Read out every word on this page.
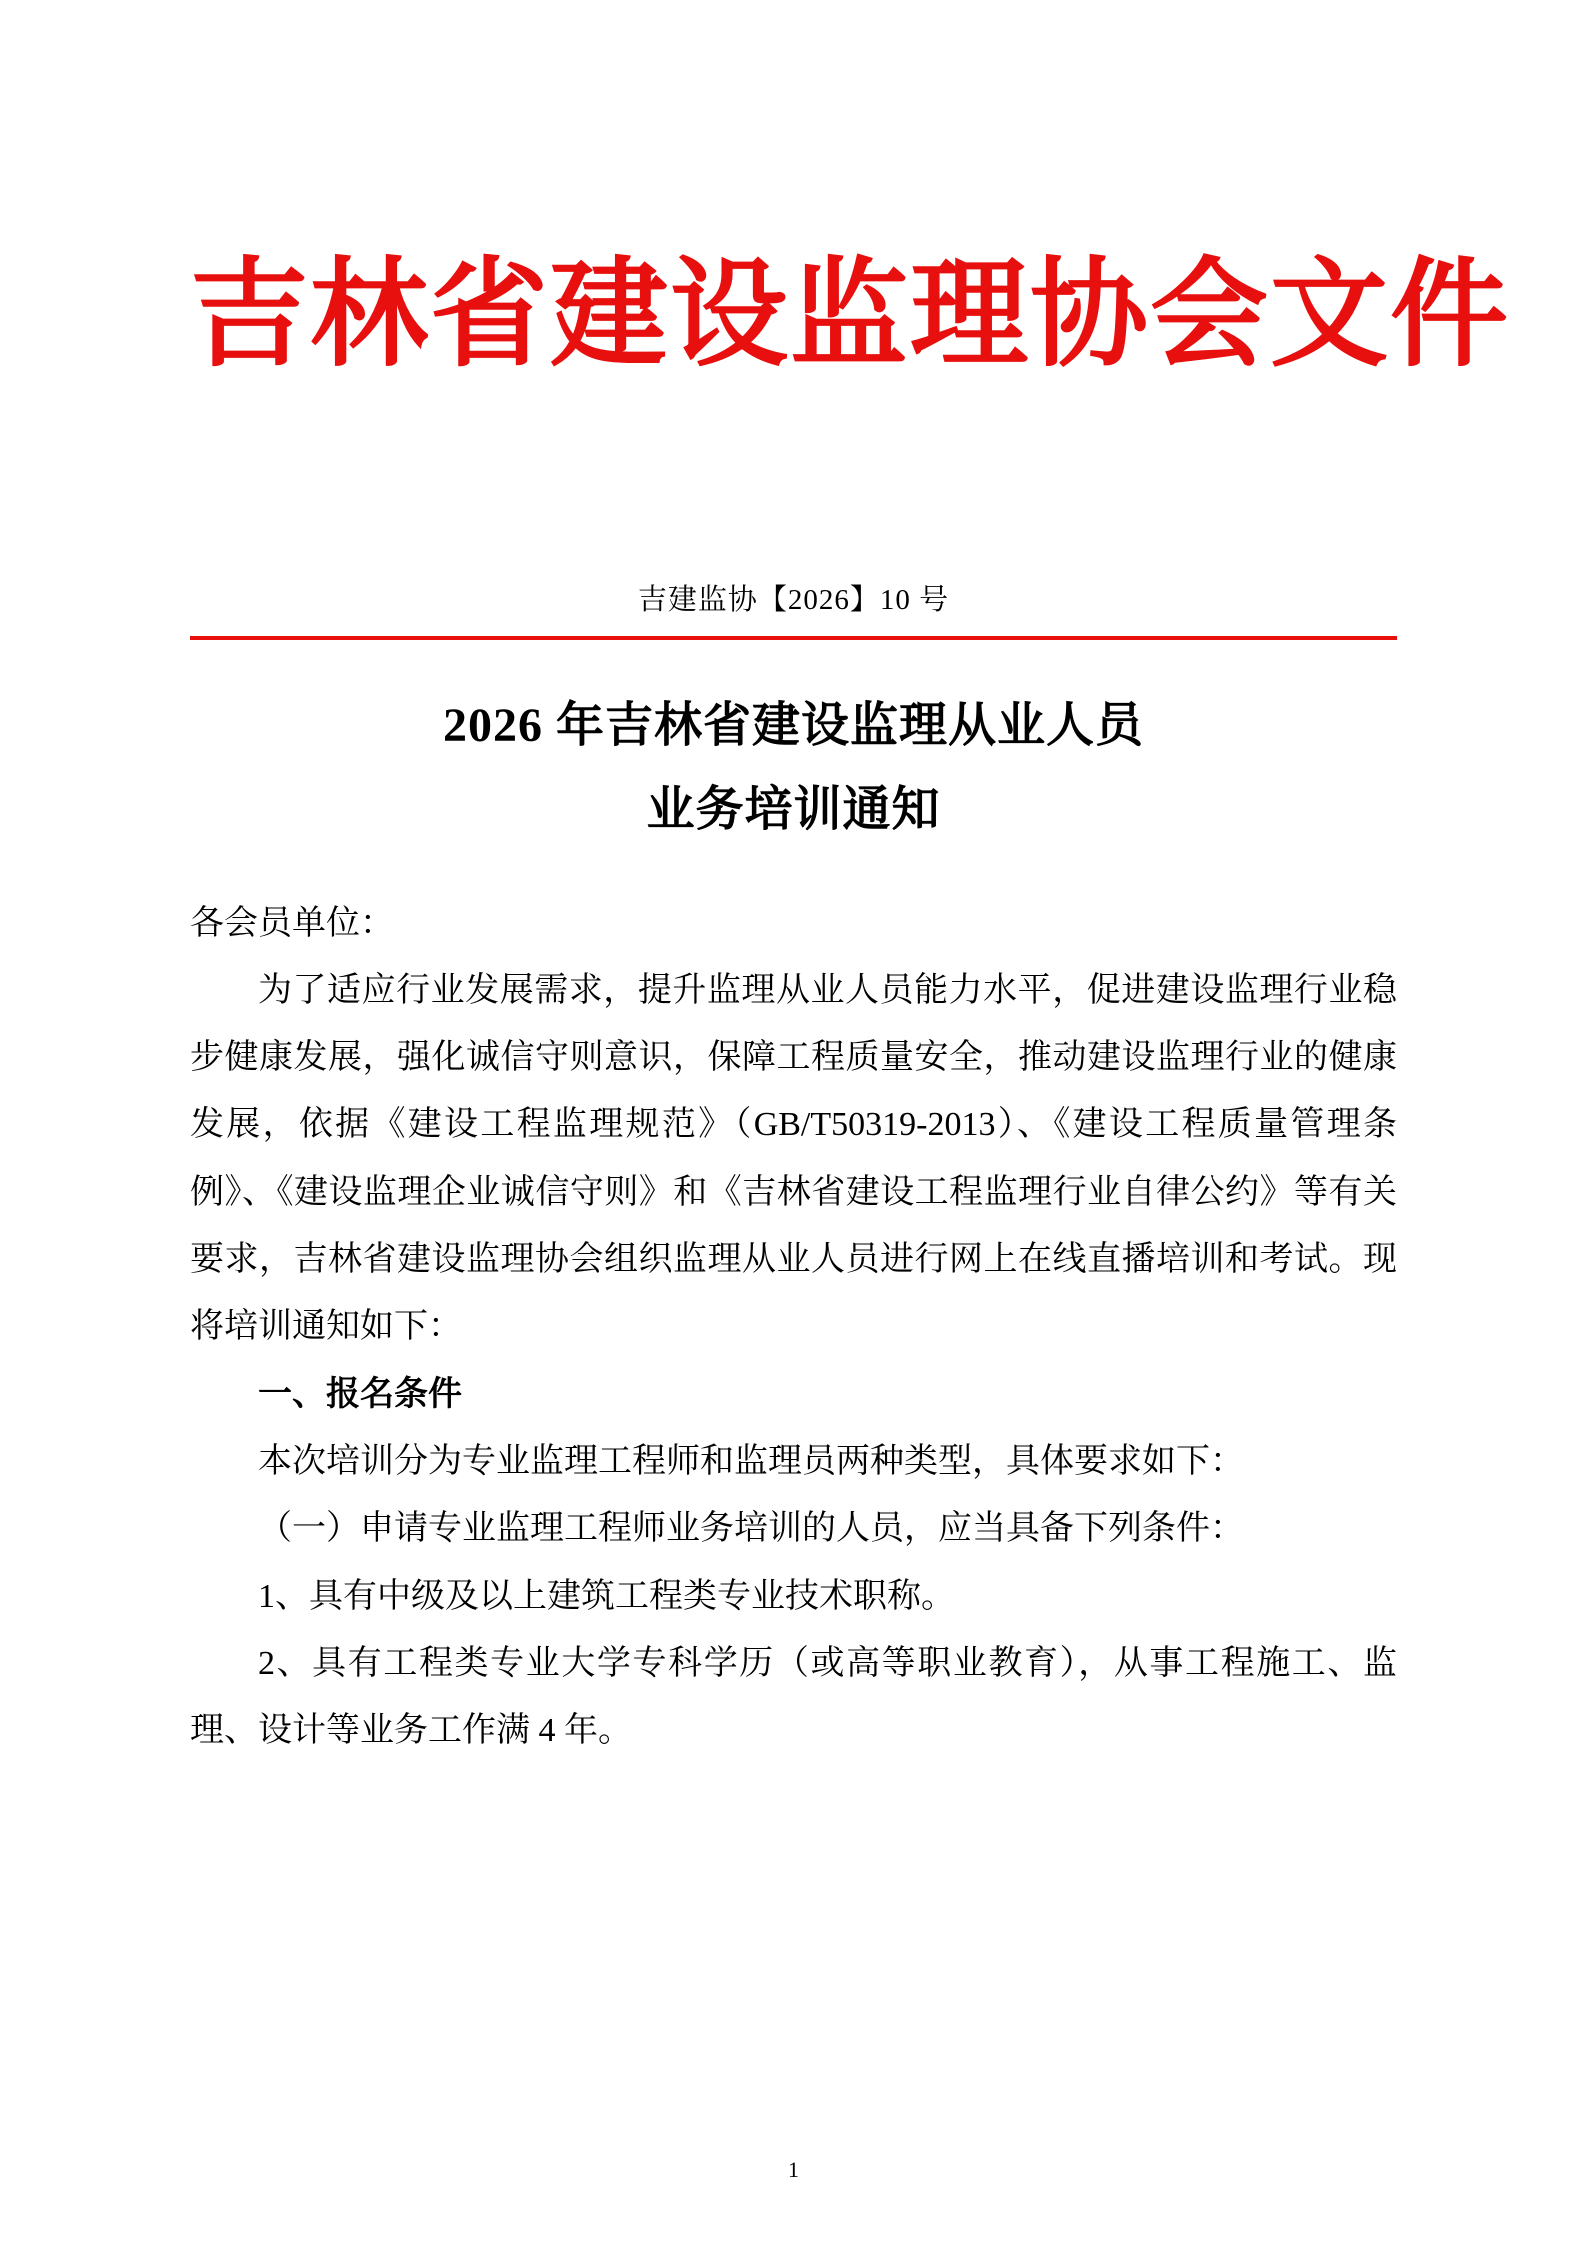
吉林省建设监理协会文件
吉建监协【2026】10 号
2026 年吉林省建设监理从业人员
业务培训通知
各会员单位：

为了适应行业发展需求，提升监理从业人员能力水平，促进建设监理行业稳步健康发展，强化诚信守则意识，保障工程质量安全，推动建设监理行业的健康发展，依据《建设工程监理规范》（GB/T50319-2013）、《建设工程质量管理条例》、《建设监理企业诚信守则》和《吉林省建设工程监理行业自律公约》等有关要求，吉林省建设监理协会组织监理从业人员进行网上在线直播培训和考试。现将培训通知如下：

一、报名条件

本次培训分为专业监理工程师和监理员两种类型，具体要求如下：

（一）申请专业监理工程师业务培训的人员，应当具备下列条件：

1、具有中级及以上建筑工程类专业技术职称。

2、具有工程类专业大学专科学历（或高等职业教育），从事工程施工、监理、设计等业务工作满 4 年。

1
